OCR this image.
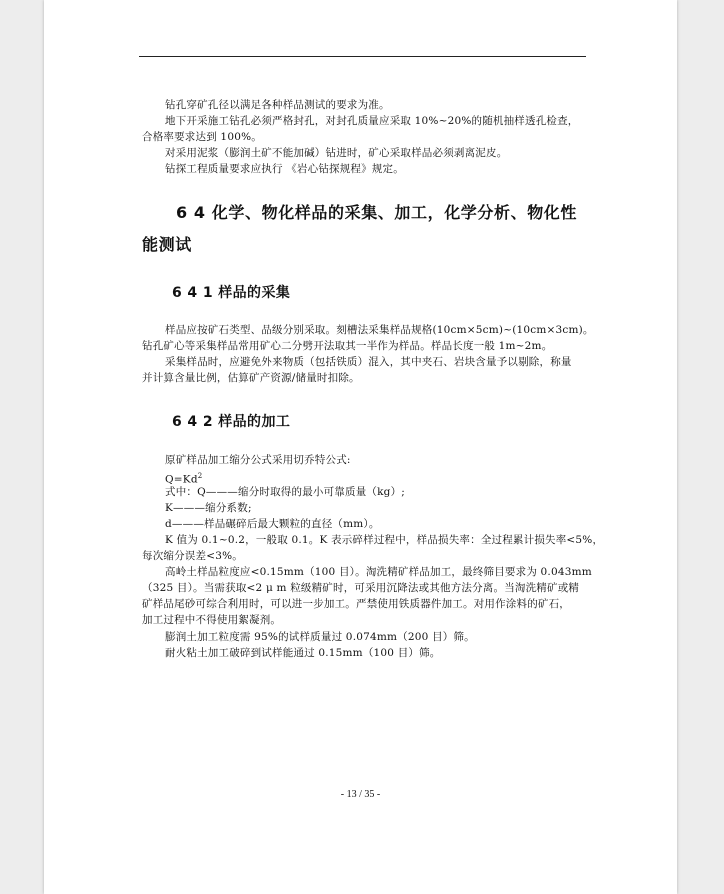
钻孔穿矿孔径以满足各种样品测试的要求为准。
地下开采施工钻孔必须严格封孔，对封孔质量应采取 10%~20%的随机抽样透孔检查，
合格率要求达到 100%。
对采用泥浆（膨润土矿不能加碱）钻进时，矿心采取样品必须剥离泥皮。
钻探工程质量要求应执行 《岩心钻探规程》规定。
6 4 化学、物化样品的采集、加工，化学分析、物化性
能测试
6 4 1 样品的采集
样品应按矿石类型、品级分别采取。刻槽法采集样品规格(10cm×5cm)~(10cm×3cm)。
钻孔矿心等采集样品常用矿心二分劈开法取其一半作为样品。样品长度一般 1m~2m。
采集样品时，应避免外来物质（包括铁质）混入，其中夹石、岩块含量予以剔除，称量
并计算含量比例，估算矿产资源/储量时扣除。
6 4 2 样品的加工
原矿样品加工缩分公式采用切乔特公式:
$Q=Kd^2$
式中：Q———缩分时取得的最小可靠质量（kg）;
K———缩分系数;
d———样品碾碎后最大颗粒的直径（mm）。
K 值为 0.1~0.2，一般取 0.1。K 表示碎样过程中，样品损失率：全过程累计损失率<5%，
每次缩分误差<3%。
高岭土样品粒度应<0.15mm（100 目）。淘洗精矿样品加工，最终筛目要求为 0.043mm
（325 目）。当需获取<2 μ m 粒级精矿时，可采用沉降法或其他方法分离。当淘洗精矿或精
矿样品尾砂可综合利用时，可以进一步加工。严禁使用铁质器件加工。对用作涂料的矿石，
加工过程中不得使用絮凝剂。
膨润土加工粒度需 95%的试样质量过 0.074mm（200 目）筛。
耐火粘土加工破碎到试样能通过 0.15mm（100 目）筛。
- 13 / 35 -
